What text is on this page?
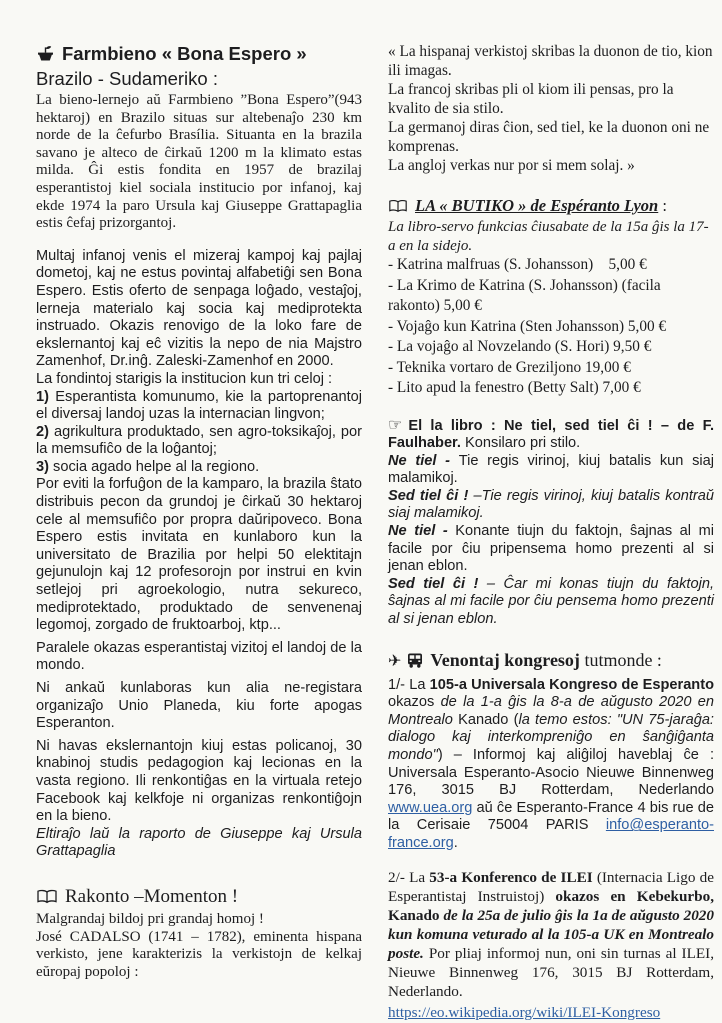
Farmbieno « Bona Espero » Brazilo - Sudameriko :

La bieno-lernejo aŭ Farmbieno ”Bona Espero”(943 hektaroj) en Brazilo situas sur altebenaĵo 230 km norde de la ĉefurbo Brasília. Situanta en la brazila savano je alteco de ĉirkaŭ 1200 m la klimato estas milda. Ĝi estis fondita en 1957 de brazilaj esperantistoj kiel sociala institucio por infanoj, kaj ekde 1974 la paro Ursula kaj Giuseppe Grattapaglia estis ĉefaj prizorgantoj.

Multaj infanoj venis el mizeraj kampoj kaj pajlaj dometoj, kaj ne estus povintaj alfabetiĝi sen Bona Espero. Estis oferto de senpaga loĝado, vestaĵoj, lerneja materialo kaj socia kaj mediprotekta instruado. Okazis renovigo de la loko fare de ekslernantoj kaj eĉ vizitis la nepo de nia Majstro Zamenhof, Dr.inĝ. Zaleski-Zamenhof en 2000.

La fondintoj starigis la institucion kun tri celoj :

1) Esperantista komunumo, kie la partoprenantoj el diversaj landoj uzas la internacian lingvon;

2) agrikultura produktado, sen agro-toksikaĵoj, por la memsufiĉo de la loĝantoj;

3) socia agado helpe al la regiono.

Por eviti la forfuĝon de la kamparo, la brazila ŝtato distribuis pecon da grundoj je ĉirkaŭ 30 hektaroj cele al memsufiĉo por propra daŭripoveco. Bona Espero estis invitata en kunlaboro kun la universitato de Brazilia por helpi 50 elektitajn gejunulojn kaj 12 profesorojn por instrui en kvin setlejoj pri agroekologio, nutra sekureco, mediprotektado, produktado de senvenenaj legomoj, zorgado de fruktoarboj, ktp...

Paralele okazas esperantistaj vizitoj el landoj de la mondo.

Ni ankaŭ kunlaboras kun alia ne-registara organizaĵo Unio Planeda, kiu forte apogas Esperanton.

Ni havas ekslernantojn kiuj estas policanoj, 30 knabinoj studis pedagogion kaj lecionas en la vasta regiono. Ili renkontiĝas en la virtuala retejo Facebook kaj kelkfoje ni organizas renkontiĝojn en la bieno.

Eltiraĵo laŭ la raporto de Giuseppe kaj Ursula Grattapaglia

Rakonto –Momenton !

Malgrandaj bildoj pri grandaj homoj !

José CADALSO (1741 – 1782), eminenta hispana verkisto, jene karakterizis la verkistojn de kelkaj eŭropaj popoloj :

« La hispanaj verkistoj skribas la duonon de tio, kion ili imagas.

La francoj skribas pli ol kiom ili pensas, pro la kvalito de sia stilo.

La germanoj diras ĉion, sed tiel, ke la duonon oni ne komprenas.

La angloj verkas nur por si mem solaj. »

LA « BUTIKO » de Espéranto Lyon :

La libro-servo funkcias ĉiusabate de la 15a ĝis la 17-a en la sidejo.

- Katrina malfruas (S. Johansson)    5,00 €

- La Krimo de Katrina (S. Johansson) (facila rakonto) 5,00 €

- Vojaĝo kun Katrina (Sten Johansson) 5,00 €

- La vojaĝo al Novzelando (S. Hori) 9,50 €

- Teknika vortaro de Greziljono 19,00 €

- Lito apud la fenestro (Betty Salt) 7,00 €

☞ El la libro : Ne tiel, sed tiel ĉi ! – de F. Faulhaber. Konsilaro pri stilo.

Ne tiel - Tie regis virinoj, kiuj batalis kun siaj malamikoj.

Sed tiel ĉi ! –Tie regis virinoj, kiuj batalis kontraŭ siaj malamikoj.

Ne tiel - Konante tiujn du faktojn, ŝajnas al mi facile por ĉiu pripensema homo prezenti al si jenan eblon.

Sed tiel ĉi ! – Ĉar mi konas tiujn du faktojn, ŝajnas al mi facile por ĉiu pensema homo prezenti al si jenan eblon.

✈ Venontaj kongresoj tutmonde :

1/- La 105-a Universala Kongreso de Esperanto okazos de la 1-a ĝis la 8-a de aŭgusto 2020 en Montrealo Kanado (la temo estos: "UN 75-jaraĝa: dialogo kaj interkompreniĝo en ŝanĝiĝanta mondo") – Informoj kaj aliĝiloj haveblaj ĉe : Universala Esperanto-Asocio Nieuwe Binnenweg 176, 3015 BJ Rotterdam, Nederlando www.uea.org aŭ ĉe Esperanto-France 4 bis rue de la Cerisaie 75004 PARIS info@esperanto-france.org.

2/- La 53-a Konferenco de ILEI (Internacia Ligo de Esperantistaj Instruistoj) okazos en Kebekurbo, Kanado de la 25a de julio ĝis la 1a de aŭgusto 2020 kun komuna veturado al la 105-a UK en Montrealo poste. Por pliaj informoj nun, oni sin turnas al ILEI, Nieuwe Binnenweg 176, 3015 BJ Rotterdam, Nederlando.

https://eo.wikipedia.org/wiki/ILEI-Kongreso
